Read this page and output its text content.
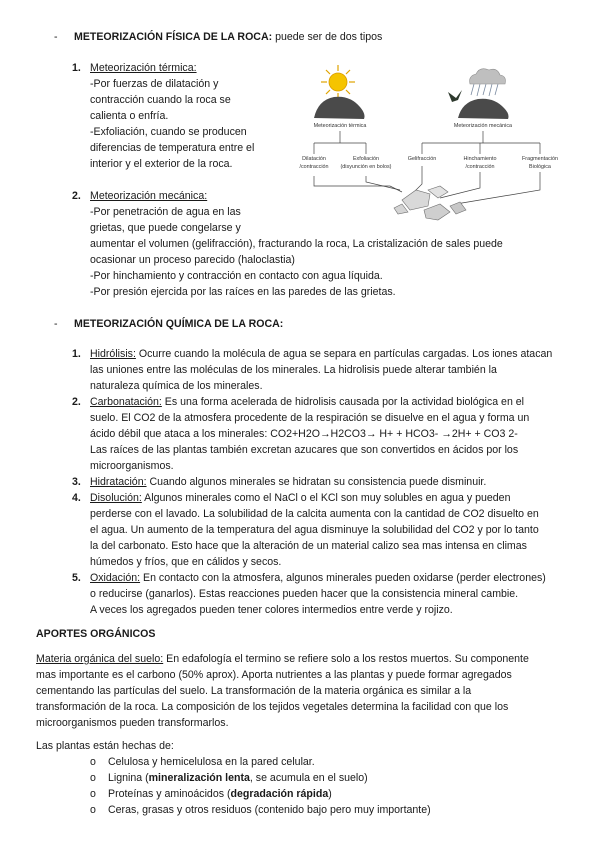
- METEORIZACIÓN FÍSICA DE LA ROCA: puede ser de dos tipos
1. Meteorización térmica:
-Por fuerzas de dilatación y
contracción cuando la roca se
calienta o enfría.
-Exfoliación, cuando se producen
diferencias de temperatura entre el
interior y el exterior de la roca.
2. Meteorización mecánica:
-Por penetración de agua en las
grietas, que puede congelarse y
aumentar el volumen (gelifracción), fracturando la roca, La cristalización de sales puede
ocasionar un proceso parecido (haloclastia)
-Por hinchamiento y contracción en contacto con agua líquida.
-Por presión ejercida por las raíces en las paredes de las grietas.
Meteorización térmica	Meteorización mecánica
Dilatación
/contracción
Exfoliación
(disyunción en bolos)
Gelifracción	Hinchamiento
/contracción
Fragmentación
Biológica
- METEORIZACIÓN QUÍMICA DE LA ROCA:
1. Hidrólisis: Ocurre cuando la molécula de agua se separa en partículas cargadas. Los iones atacan
las uniones entre las moléculas de los minerales. La hidrolisis puede alterar también la
naturaleza química de los minerales.
2. Carbonatación: Es una forma acelerada de hidrolisis causada por la actividad biológica en el
suelo. El CO2 de la atmosfera procedente de la respiración se disuelve en el agua y forma un
ácido débil que ataca a los minerales: CO2+H2O→H2CO3→ H+ + HCO3- →2H+ + CO3 2-
Las raíces de las plantas también excretan azucares que son convertidos en ácidos por los
microorganismos.
3. Hidratación: Cuando algunos minerales se hidratan su consistencia puede disminuir.
4. Disolución: Algunos minerales como el NaCl o el KCl son muy solubles en agua y pueden
perderse con el lavado. La solubilidad de la calcita aumenta con la cantidad de CO2 disuelto en
el agua. Un aumento de la temperatura del agua disminuye la solubilidad del CO2 y por lo tanto
la del carbonato. Esto hace que la alteración de un material calizo sea mas intensa en climas
húmedos y fríos, que en cálidos y secos.
5. Oxidación: En contacto con la atmosfera, algunos minerales pueden oxidarse (perder electrones)
o reducirse (ganarlos). Estas reacciones pueden hacer que la consistencia mineral cambie.
A veces los agregados pueden tener colores intermedios entre verde y rojizo.
APORTES ORGÁNICOS
Materia orgánica del suelo: En edafología el termino se refiere solo a los restos muertos. Su componente
mas importante es el carbono (50% aprox). Aporta nutrientes a las plantas y puede formar agregados
cementando las partículas del suelo. La transformación de la materia orgánica es similar a la
transformación de la roca. La composición de los tejidos vegetales determina la facilidad con que los
microorganismos pueden transformarlos.
Las plantas están hechas de:
o Celulosa y hemicelulosa en la pared celular.
o Lignina (mineralización lenta, se acumula en el suelo)
o Proteínas y aminoácidos (degradación rápida)
o Ceras, grasas y otros residuos (contenido bajo pero muy importante)
